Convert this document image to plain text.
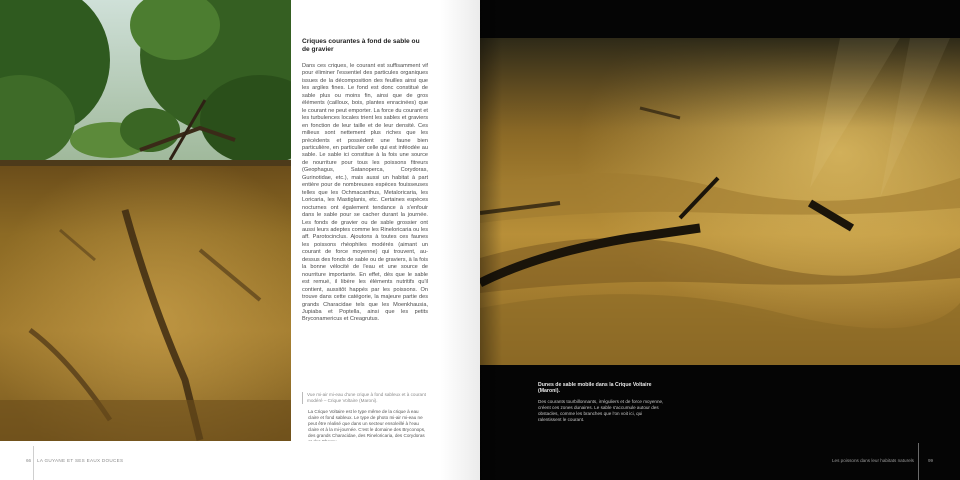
Criques courantes à fond de sable ou de gravier

Dans ces criques, le courant est suffisamment vif pour éliminer l'essentiel des particules organiques issues de la décomposition des feuilles ainsi que les argiles fines. Le fond est donc constitué de sable plus ou moins fin, ainsi que de gros éléments (cailloux, bois, plantes enracinées) que le courant ne peut emporter. La force du courant et les turbulences locales trient les sables et graviers en fonction de leur taille et de leur densité. Ces milieux sont nettement plus riches que les précédents et possèdent une faune bien particulière, en particulier celle qui est inféodée au sable. Le sable ici constitue à la fois une source de nourriture pour tous les poissons fitreurs (Geophagus, Satanoperca, Corydoras, Gurinotidae, etc.), mais aussi un habitat à part entière pour de nombreuses espèces fouisseuses telles que les Ochmacanthus, Metaloricaria, les Loricaria, les Mastiglanis, etc. Certaines espèces nocturnes ont également tendance à s'enfouir dans le sable pour se cacher durant la journée. Les fonds de gravier ou de sable grossier ont aussi leurs adeptes comme les Rineloricaria ou les aff. Parotocinclus. Ajoutons à toutes ces faunes les poissons rhéophiles modérés (aimant un courant de force moyenne) qui trouvent, au-dessus des fonds de sable ou de graviers, à la fois la bonne vélocité de l'eau et une source de nourriture importante. En effet, dès que le sable est remué, il libère les éléments nutritifs qu'il contient, aussitôt happés par les poissons. On trouve dans cette catégorie, la majeure partie des grands Characidae tels que les Moenkhausia, Jupiaba et Poptella, ainsi que les petits Bryconamericus et Creagrutus.

Vue mi-air mi-eau d'une crique à fond sableux et à courant modéré – Crique Voltaire (Maroni).
La Crique Voltaire est le type même de la crique à eau claire et fond sableux. Le type de photo mi-air mi-eau ne peut être réalisé que dans un secteur ensoleillé à l'eau claire et à la mi-journée. C'est le domaine des Bryconops, des grands Characidae, des Rineloricaria, des Corydoras
66 LA GUYANE ET SES EAUX DOUCES
Dunes de sable mobile dans la Crique Voltaire (Maroni).
Des courants tourbillonnants, irréguliers et de force moyenne, créent ces zones dunaires. Le sable s'accumule autour des obstacles, comme les branches que l'on voit ici, qui ralentissent le courant.
Les poissons dans leur habitats naturels	99
